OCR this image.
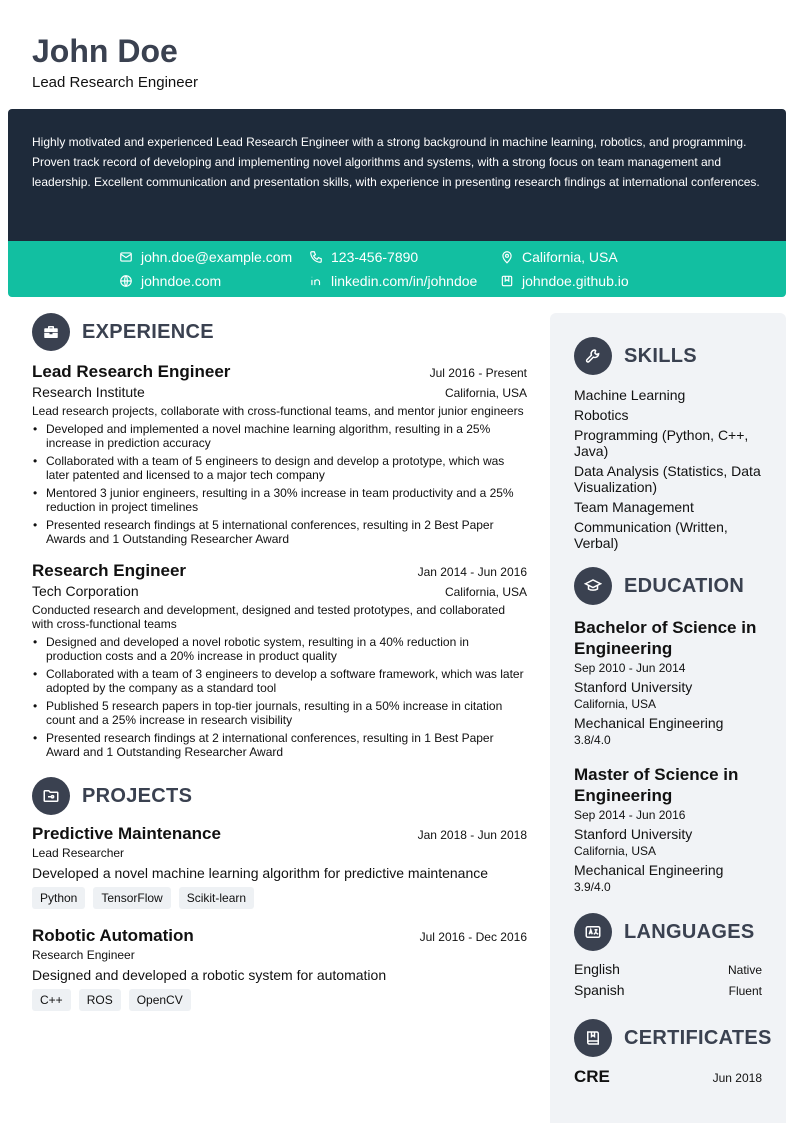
John Doe
Lead Research Engineer

Highly motivated and experienced Lead Research Engineer with a strong background in machine learning, robotics, and programming. Proven track record of developing and implementing novel algorithms and systems, with a strong focus on team management and leadership. Excellent communication and presentation skills, with experience in presenting research findings at international conferences.

john.doe@example.com	123-456-7890	California, USA
johndoe.com	linkedin.com/in/johndoe	johndoe.github.io
EXPERIENCE
Lead Research Engineer	Jul 2016 - Present
Research Institute	California, USA
Lead research projects, collaborate with cross-functional teams, and mentor junior engineers
• Developed and implemented a novel machine learning algorithm, resulting in a 25% increase in prediction accuracy
• Collaborated with a team of 5 engineers to design and develop a prototype, which was later patented and licensed to a major tech company
• Mentored 3 junior engineers, resulting in a 30% increase in team productivity and a 25% reduction in project timelines
• Presented research findings at 5 international conferences, resulting in 2 Best Paper Awards and 1 Outstanding Researcher Award
Research Engineer	Jan 2014 - Jun 2016
Tech Corporation	California, USA
Conducted research and development, designed and tested prototypes, and collaborated with cross-functional teams
• Designed and developed a novel robotic system, resulting in a 40% reduction in production costs and a 20% increase in product quality
• Collaborated with a team of 3 engineers to develop a software framework, which was later adopted by the company as a standard tool
• Published 5 research papers in top-tier journals, resulting in a 50% increase in citation count and a 25% increase in research visibility
• Presented research findings at 2 international conferences, resulting in 1 Best Paper Award and 1 Outstanding Researcher Award
PROJECTS
Predictive Maintenance	Jan 2018 - Jun 2018
Lead Researcher
Developed a novel machine learning algorithm for predictive maintenance
Python	TensorFlow	Scikit-learn
Robotic Automation	Jul 2016 - Dec 2016
Research Engineer
Designed and developed a robotic system for automation
C++	ROS	OpenCV
SKILLS
Machine Learning
Robotics
Programming (Python, C++, Java)
Data Analysis (Statistics, Data Visualization)
Team Management
Communication (Written, Verbal)
EDUCATION
Bachelor of Science in Engineering
Sep 2010 - Jun 2014
Stanford University
California, USA
Mechanical Engineering
3.8/4.0
Master of Science in Engineering
Sep 2014 - Jun 2016
Stanford University
California, USA
Mechanical Engineering
3.9/4.0
LANGUAGES
English	Native
Spanish	Fluent
CERTIFICATES
CRE	Jun 2018
